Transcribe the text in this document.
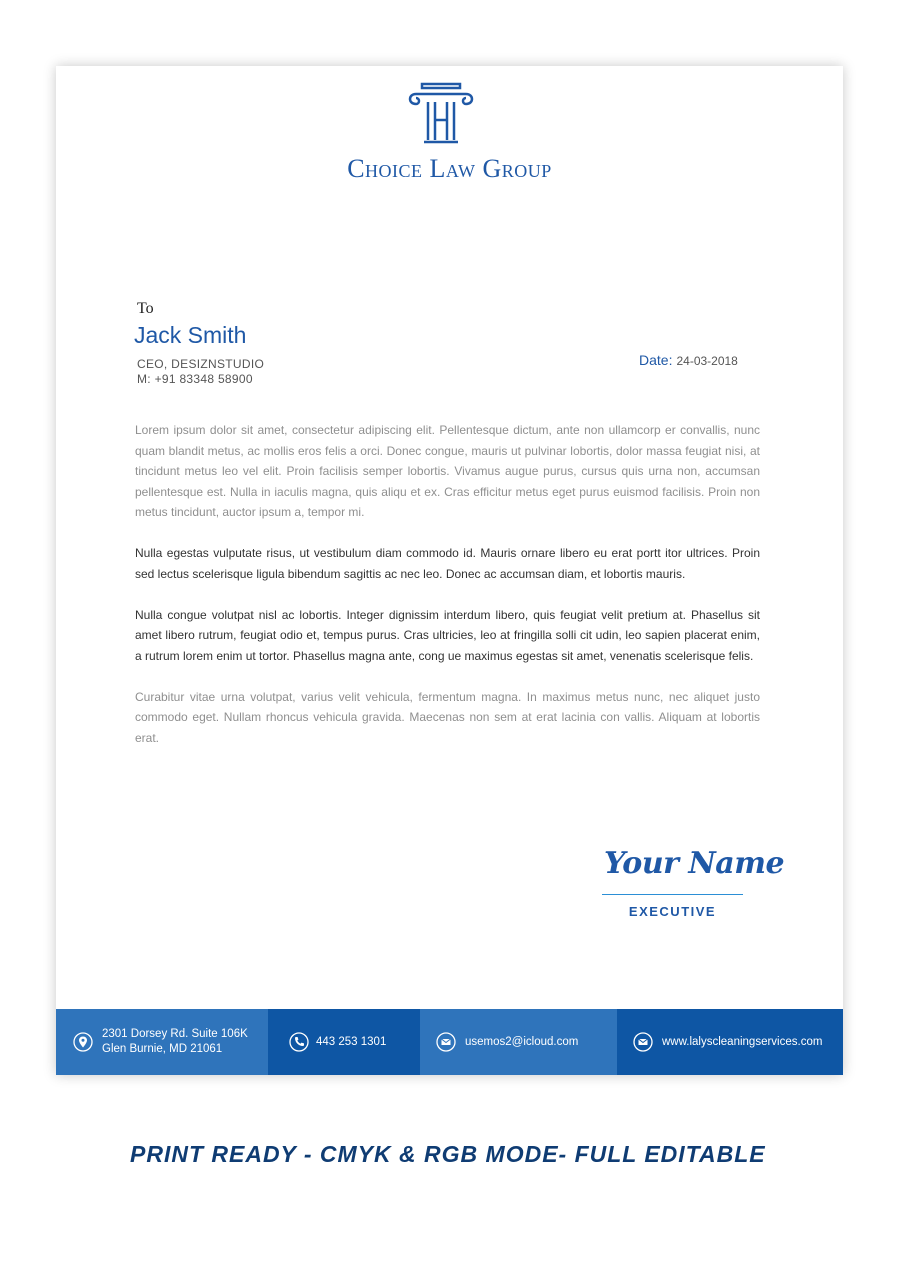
Choice Law Group
To
Jack Smith
CEO, DESIZNSTUDIO
M: +91 83348 58900
Date: 24-03-2018

Lorem ipsum dolor sit amet, consectetur adipiscing elit. Pellentesque dictum, ante non ullamcorp er convallis, nunc quam blandit metus, ac mollis eros felis a orci. Donec congue, mauris ut pulvinar lobortis, dolor massa feugiat nisi, at tincidunt metus leo vel elit. Proin facilisis semper lobortis. Vivamus augue purus, cursus quis urna non, accumsan pellentesque est. Nulla in iaculis magna, quis aliqu et ex. Cras efficitur metus eget purus euismod facilisis. Proin non metus tincidunt, auctor ipsum a, tempor mi.

Nulla egestas vulputate risus, ut vestibulum diam commodo id. Mauris ornare libero eu erat portt itor ultrices. Proin sed lectus scelerisque ligula bibendum sagittis ac nec leo. Donec ac accumsan diam, et lobortis mauris.

Nulla congue volutpat nisl ac lobortis. Integer dignissim interdum libero, quis feugiat velit pretium at. Phasellus sit amet libero rutrum, feugiat odio et, tempus purus. Cras ultricies, leo at fringilla solli cit udin, leo sapien placerat enim, a rutrum lorem enim ut tortor. Phasellus magna ante, cong ue maximus egestas sit amet, venenatis scelerisque felis.

Curabitur vitae urna volutpat, varius velit vehicula, fermentum magna. In maximus metus nunc, nec aliquet justo commodo eget. Nullam rhoncus vehicula gravida. Maecenas non sem at erat lacinia con vallis. Aliquam at lobortis erat.

Your Name
EXECUTIVE
2301 Dorsey Rd. Suite 106K
Glen Burnie, MD 21061
443 253 1301	usemos2@icloud.com	www.lalyscleaningservices.com
PRINT READY - CMYK & RGB MODE- FULL EDITABLE
